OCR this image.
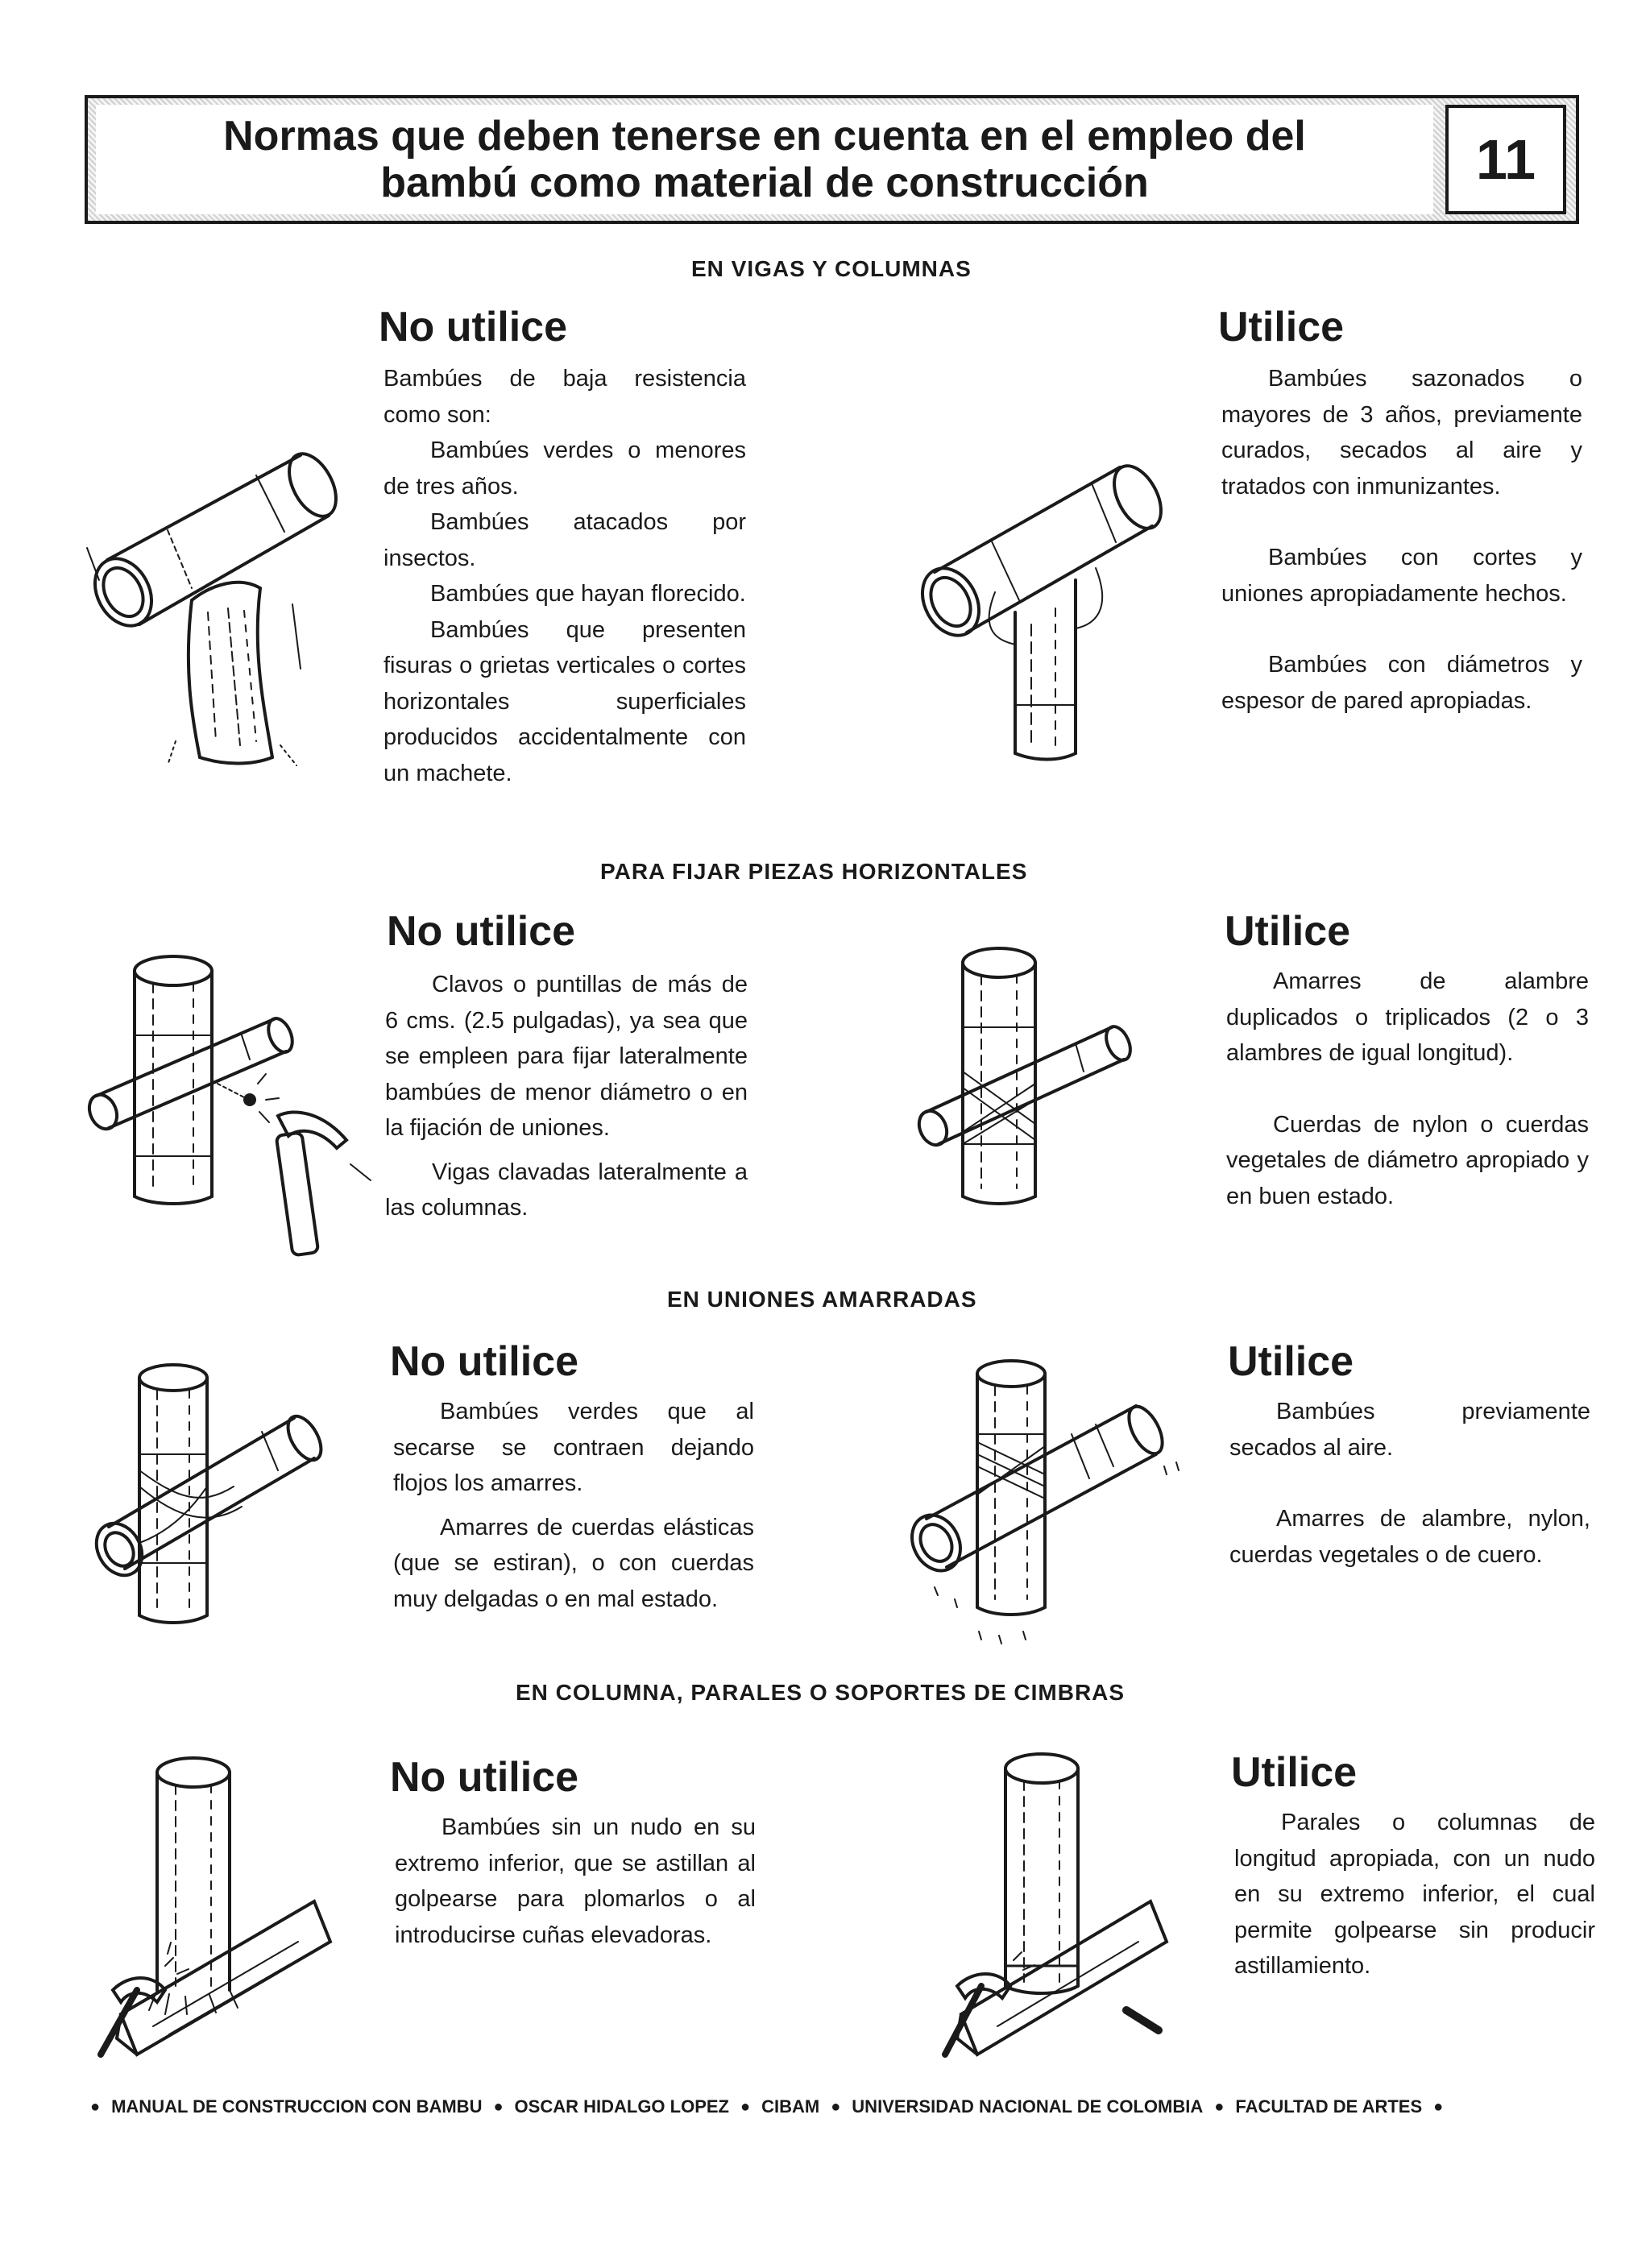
Normas que deben tenerse en cuenta en el empleo del
bambú como material de construcción	11
EN VIGAS Y COLUMNAS
No utilice

Bambúes de baja resistencia como son:

Bambúes verdes o menores de tres años.

Bambúes atacados por insectos.

Bambúes que hayan florecido.

Bambúes que presenten fisuras o grietas verticales o cortes horizontales superficiales producidos accidentalmente con un machete.

Utilice

Bambúes sazonados o mayores de 3 años, previamente curados, secados al aire y tratados con inmunizantes.

Bambúes con cortes y uniones apropiadamente hechos.

Bambúes con diámetros y espesor de pared apropiadas.

PARA FIJAR PIEZAS HORIZONTALES
No utilice

Clavos o puntillas de más de 6 cms. (2.5 pulgadas), ya sea que se empleen para fijar lateralmente bambúes de menor diámetro o en la fijación de uniones.

Vigas clavadas lateralmente a las columnas.

Utilice

Amarres de alambre duplicados o triplicados (2 o 3 alambres de igual longitud).

Cuerdas de nylon o cuerdas vegetales de diámetro apropiado y en buen estado.

EN UNIONES AMARRADAS
No utilice

Bambúes verdes que al secarse se contraen dejando flojos los amarres.

Amarres de cuerdas elásticas (que se estiran), o con cuerdas muy delgadas o en mal estado.

Utilice

Bambúes previamente secados al aire.

Amarres de alambre, nylon, cuerdas vegetales o de cuero.

EN COLUMNA, PARALES O SOPORTES DE CIMBRAS
No utilice

Bambúes sin un nudo en su extremo inferior, que se astillan al golpearse para plomarlos o al introducirse cuñas elevadoras.

Utilice

Parales o columnas de longitud apropiada, con un nudo en su extremo inferior, el cual permite golpearse sin producir astillamiento.

● MANUAL DE CONSTRUCCION CON BAMBU ● OSCAR HIDALGO LOPEZ ● CIBAM ● UNIVERSIDAD NACIONAL DE COLOMBIA ● FACULTAD DE ARTES ●
